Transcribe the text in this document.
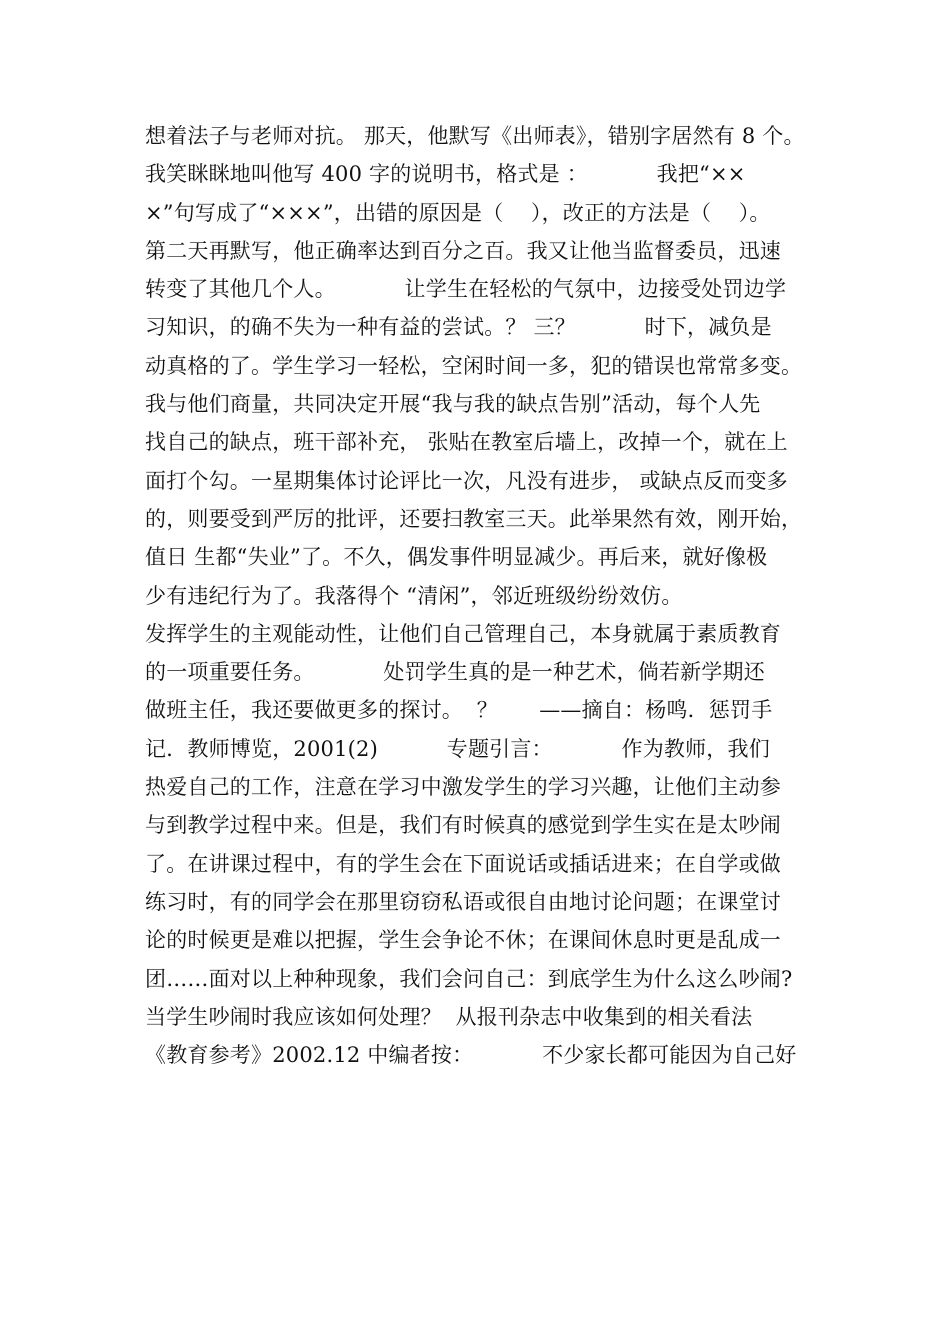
想着法子与老师对抗。 那天，他默写《出师表》，错别字居然有 8 个。
我笑眯眯地叫他写 400 字的说明书，格式是 ：          我把“××
×”句写成了“×××”，出错的原因是（    ），改正的方法是（    ）。
第二天再默写，他正确率达到百分之百。我又让他当监督委员，迅速
转变了其他几个人。          让学生在轻松的气氛中，边接受处罚边学
习知识，的确不失为一种有益的尝试。？ 三？          时下，减负是
动真格的了。学生学习一轻松，空闲时间一多，犯的错误也常常多变。
我与他们商量，共同决定开展“我与我的缺点告别”活动，每个人先
找自己的缺点，班干部补充， 张贴在教室后墙上，改掉一个，就在上
面打个勾。一星期集体讨论评比一次，凡没有进步， 或缺点反而变多
的，则要受到严厉的批评，还要扫教室三天。此举果然有效，刚开始，
值日 生都“失业”了。不久，偶发事件明显减少。再后来，就好像极
少有违纪行为了。我落得个 “清闲”，邻近班级纷纷效仿。
发挥学生的主观能动性，让他们自己管理自己，本身就属于素质教育
的一项重要任务。          处罚学生真的是一种艺术，倘若新学期还
做班主任，我还要做更多的探讨。  ？      ——摘自：杨鸣．惩罚手
记．教师博览，2001(2)          专题引言：          作为教师，我们
热爱自己的工作，注意在学习中激发学生的学习兴趣，让他们主动参
与到教学过程中来。但是，我们有时候真的感觉到学生实在是太吵闹
了。在讲课过程中，有的学生会在下面说话或插话进来；在自学或做
练习时，有的同学会在那里窃窃私语或很自由地讨论问题；在课堂讨
论的时候更是难以把握，学生会争论不休；在课间休息时更是乱成一
团……面对以上种种现象，我们会问自己：到底学生为什么这么吵闹?
当学生吵闹时我应该如何处理？  从报刊杂志中收集到的相关看法
《教育参考》2002.12 中编者按：          不少家长都可能因为自己好
